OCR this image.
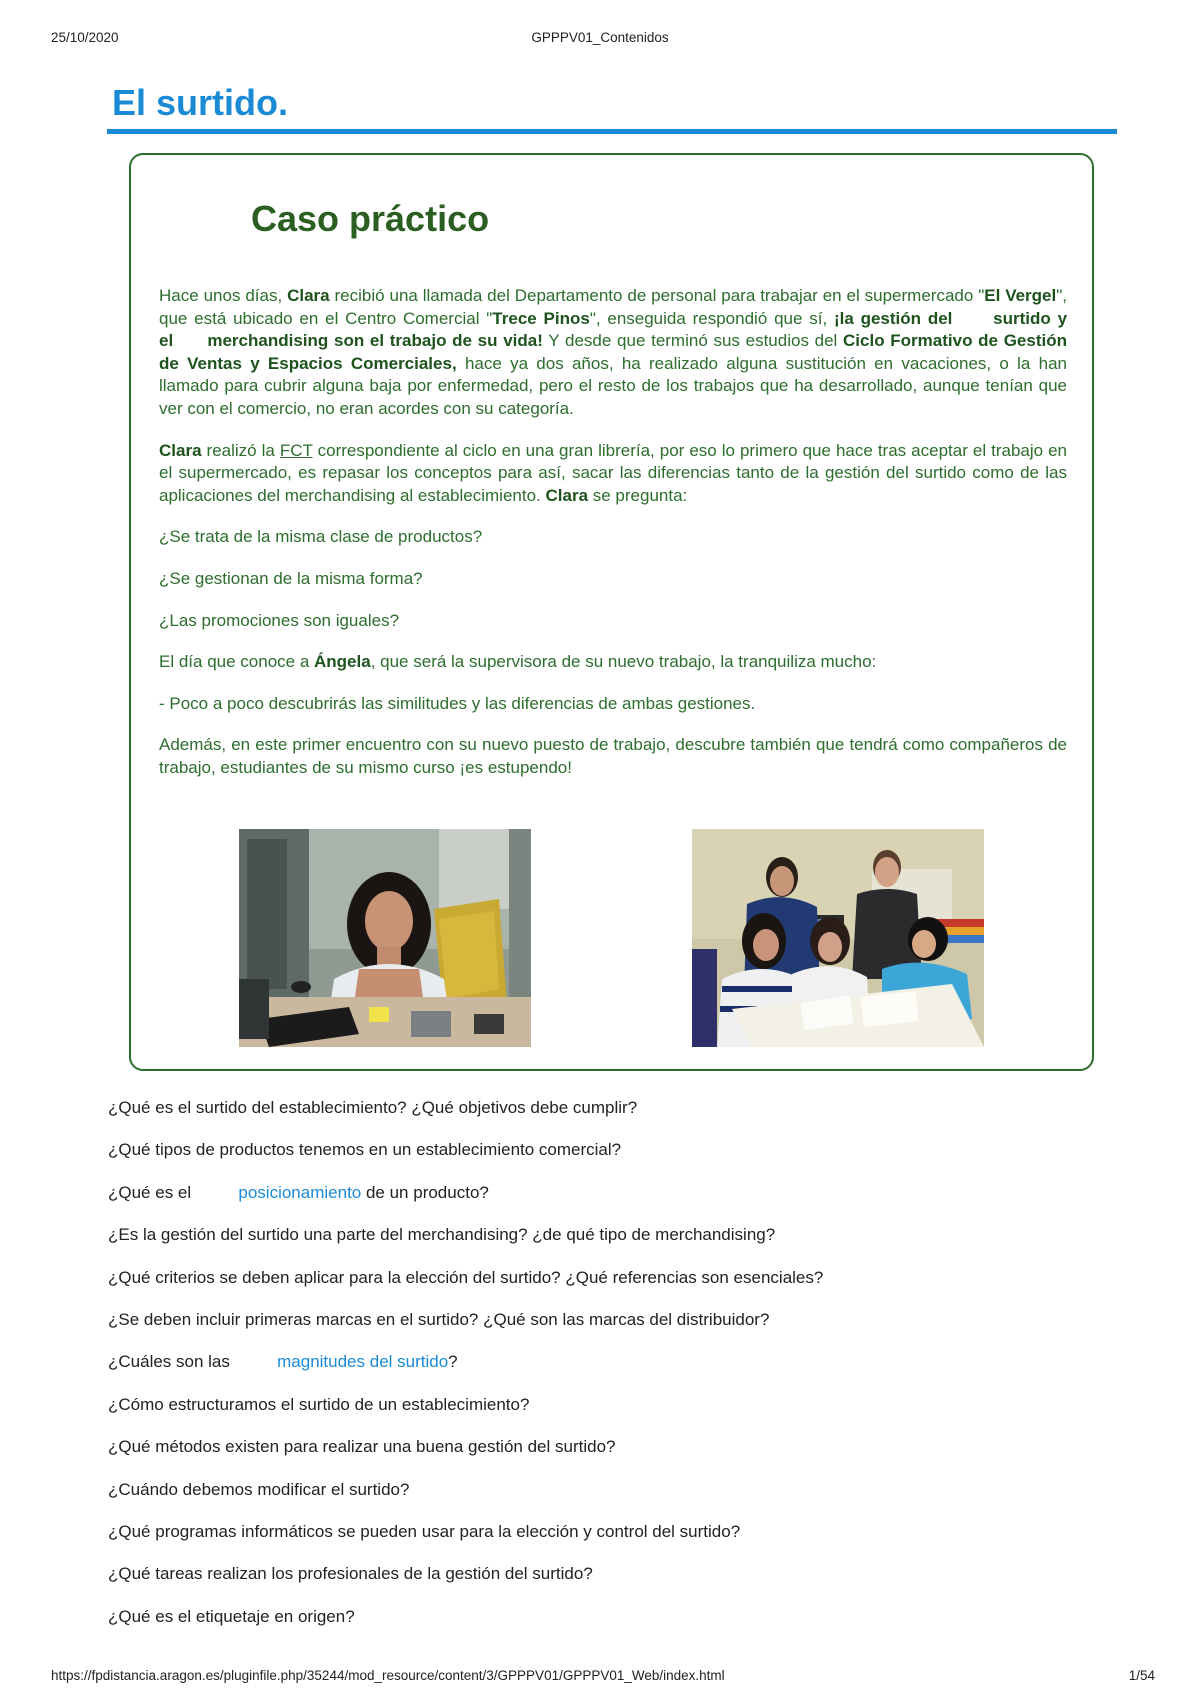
25/10/2020	GPPPV01_Contenidos
El surtido.
Caso práctico

Hace unos días, Clara recibió una llamada del Departamento de personal para trabajar en el supermercado "El Vergel", que está ubicado en el Centro Comercial "Trece Pinos", enseguida respondió que sí, ¡la gestión del surtido y el merchandising son el trabajo de su vida! Y desde que terminó sus estudios del Ciclo Formativo de Gestión de Ventas y Espacios Comerciales, hace ya dos años, ha realizado alguna sustitución en vacaciones, o la han llamado para cubrir alguna baja por enfermedad, pero el resto de los trabajos que ha desarrollado, aunque tenían que ver con el comercio, no eran acordes con su categoría.

Clara realizó la FCT correspondiente al ciclo en una gran librería, por eso lo primero que hace tras aceptar el trabajo en el supermercado, es repasar los conceptos para así, sacar las diferencias tanto de la gestión del surtido como de las aplicaciones del merchandising al establecimiento. Clara se pregunta:

¿Se trata de la misma clase de productos?

¿Se gestionan de la misma forma?

¿Las promociones son iguales?

El día que conoce a Ángela, que será la supervisora de su nuevo trabajo, la tranquiliza mucho:

- Poco a poco descubrirás las similitudes y las diferencias de ambas gestiones.

Además, en este primer encuentro con su nuevo puesto de trabajo, descubre también que tendrá como compañeros de trabajo, estudiantes de su mismo curso ¡es estupendo!

¿Qué es el surtido del establecimiento? ¿Qué objetivos debe cumplir?
¿Qué tipos de productos tenemos en un establecimiento comercial?
¿Qué es el	posicionamiento de un producto?
¿Es la gestión del surtido una parte del merchandising? ¿de qué tipo de merchandising?
¿Qué criterios se deben aplicar para la elección del surtido? ¿Qué referencias son esenciales?
¿Se deben incluir primeras marcas en el surtido? ¿Qué son las marcas del distribuidor?
¿Cuáles son las	magnitudes del surtido?
¿Cómo estructuramos el surtido de un establecimiento?
¿Qué métodos existen para realizar una buena gestión del surtido?
¿Cuándo debemos modificar el surtido?
¿Qué programas informáticos se pueden usar para la elección y control del surtido?
¿Qué tareas realizan los profesionales de la gestión del surtido?
¿Qué es el etiquetaje en origen?
https://fpdistancia.aragon.es/pluginfile.php/35244/mod_resource/content/3/GPPPV01/GPPPV01_Web/index.html	1/54
